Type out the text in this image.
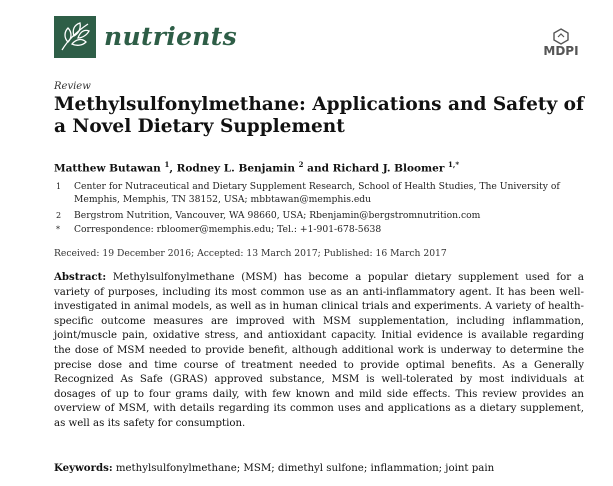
nutrients	MDPI
Review
Methylsulfonylmethane: Applications and Safety of a Novel Dietary Supplement
Matthew Butawan $^1$, Rodney L. Benjamin $^2$ and Richard J. Bloomer $^{1,*}$
1 Center for Nutraceutical and Dietary Supplement Research, School of Health Studies, The University of Memphis, Memphis, TN 38152, USA; mbbtawan@memphis.edu
2 Bergstrom Nutrition, Vancouver, WA 98660, USA; Rbenjamin@bergstromnutrition.com
* Correspondence: rbloomer@memphis.edu; Tel.: +1-901-678-5638
Received: 19 December 2016; Accepted: 13 March 2017; Published: 16 March 2017

Abstract: Methylsulfonylmethane (MSM) has become a popular dietary supplement used for a variety of purposes, including its most common use as an anti-inflammatory agent. It has been well-investigated in animal models, as well as in human clinical trials and experiments. A variety of health-specific outcome measures are improved with MSM supplementation, including inflammation, joint/muscle pain, oxidative stress, and antioxidant capacity. Initial evidence is available regarding the dose of MSM needed to provide benefit, although additional work is underway to determine the precise dose and time course of treatment needed to provide optimal benefits. As a Generally Recognized As Safe (GRAS) approved substance, MSM is well-tolerated by most individuals at dosages of up to four grams daily, with few known and mild side effects. This review provides an overview of MSM, with details regarding its common uses and applications as a dietary supplement, as well as its safety for consumption.

Keywords: methylsulfonylmethane; MSM; dimethyl sulfone; inflammation; joint pain
